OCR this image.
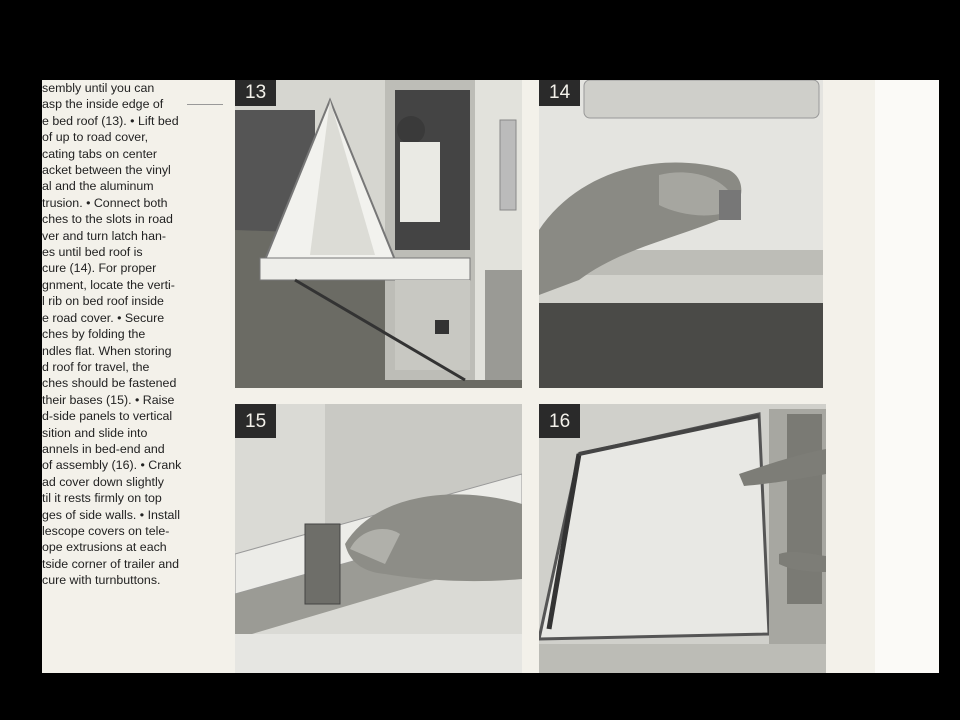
sembly until you can
asp the inside edge of
e bed roof (13). • Lift bed
of up to road cover,
cating tabs on center
acket between the vinyl
al and the aluminum
trusion. • Connect both
ches to the slots in road
ver and turn latch han-
es until bed roof is
cure (14). For proper
gnment, locate the verti-
l rib on bed roof inside
e road cover. • Secure
ches by folding the
ndles flat. When storing
d roof for travel, the
ches should be fastened
their bases (15). • Raise
d-side panels to vertical
sition and slide into
annels in bed-end and
of assembly (16). • Crank
ad cover down slightly
til it rests firmly on top
ges of side walls. • Install
lescope covers on tele-
ope extrusions at each
tside corner of trailer and
cure with turnbuttons.

13	14
15	16
